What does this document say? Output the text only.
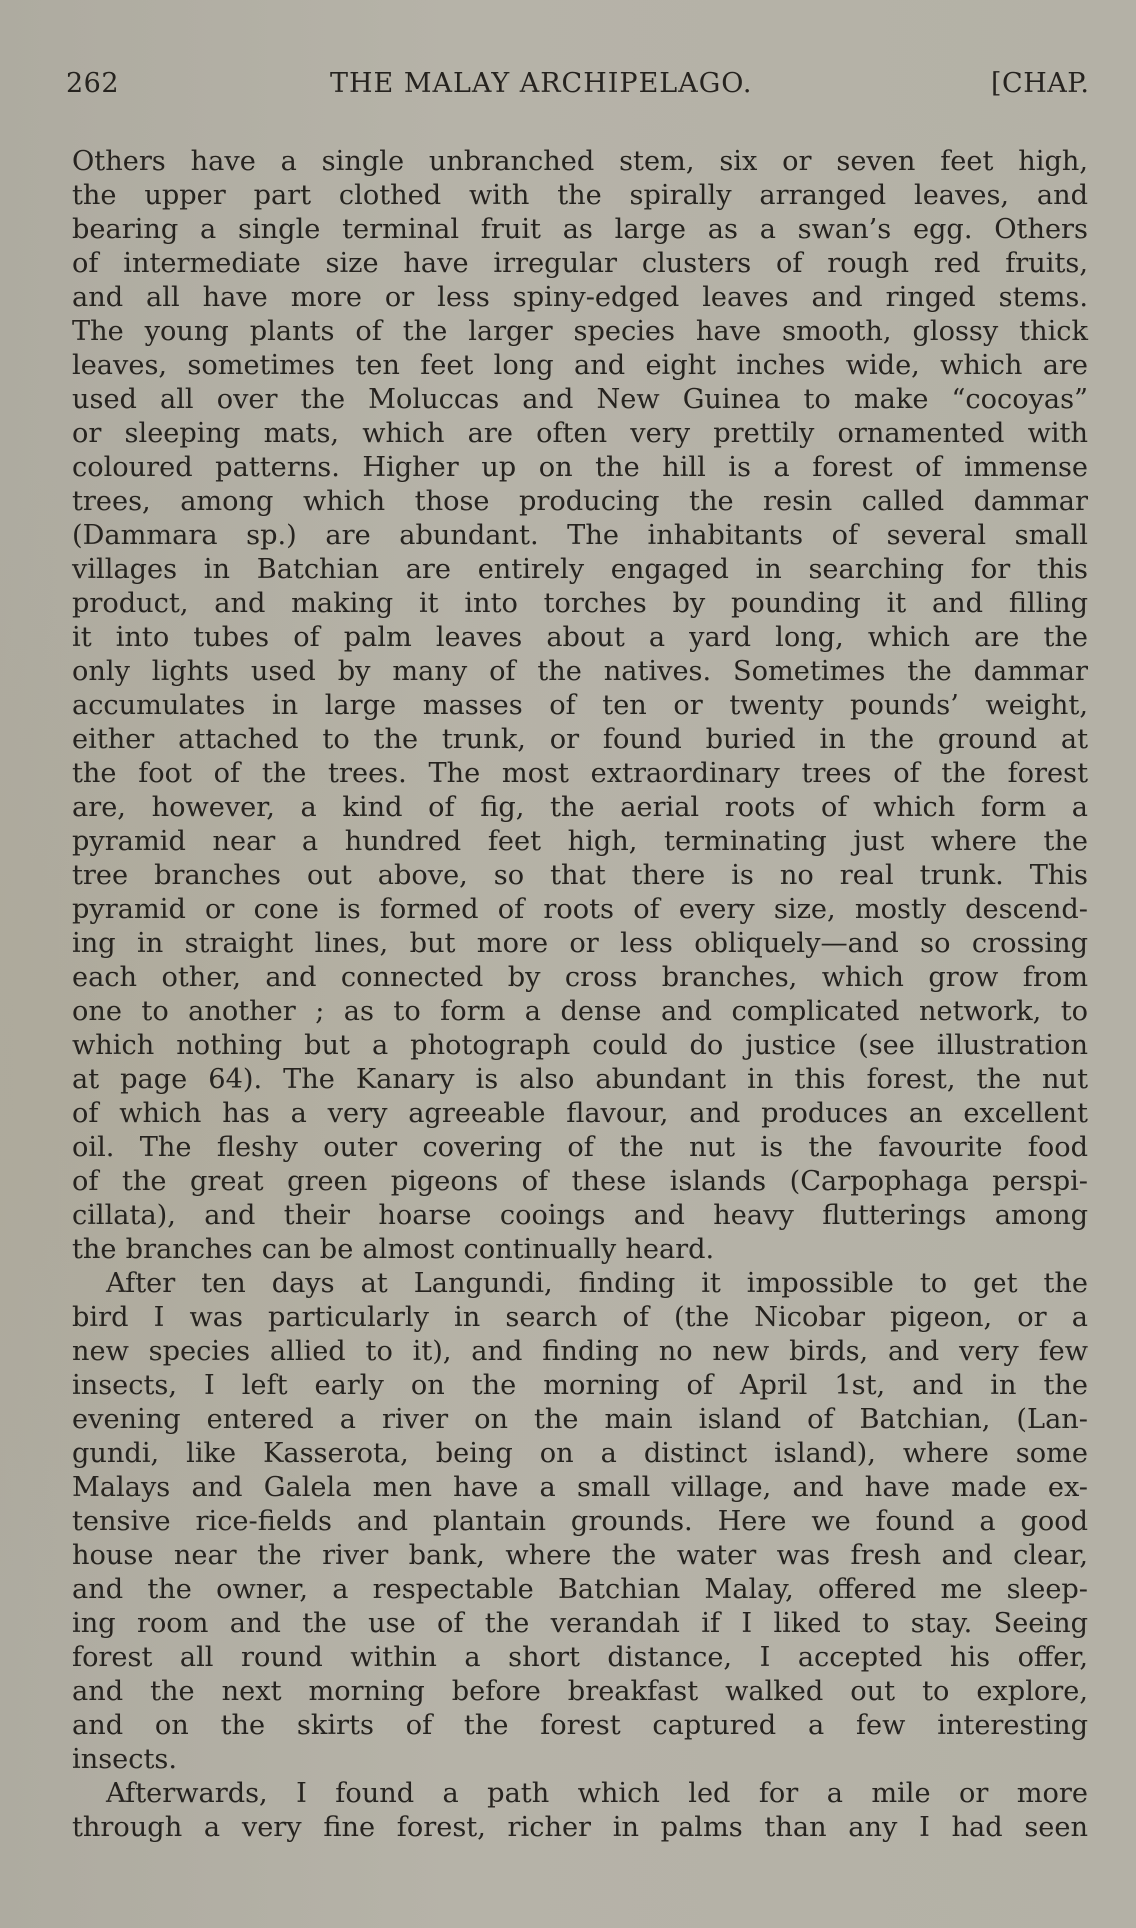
262	THE MALAY ARCHIPELAGO.	[CHAP.
Others have a single unbranched stem, six or seven feet high,
the upper part clothed with the spirally arranged leaves, and
bearing a single terminal fruit as large as a swan’s egg. Others
of intermediate size have irregular clusters of rough red fruits,
and all have more or less spiny-edged leaves and ringed stems.
The young plants of the larger species have smooth, glossy thick
leaves, sometimes ten feet long and eight inches wide, which are
used all over the Moluccas and New Guinea to make “cocoyas”
or sleeping mats, which are often very prettily ornamented with
coloured patterns. Higher up on the hill is a forest of immense
trees, among which those producing the resin called dammar
(Dammara sp.) are abundant. The inhabitants of several small
villages in Batchian are entirely engaged in searching for this
product, and making it into torches by pounding it and filling
it into tubes of palm leaves about a yard long, which are the
only lights used by many of the natives. Sometimes the dammar
accumulates in large masses of ten or twenty pounds’ weight,
either attached to the trunk, or found buried in the ground at
the foot of the trees. The most extraordinary trees of the forest
are, however, a kind of fig, the aerial roots of which form a
pyramid near a hundred feet high, terminating just where the
tree branches out above, so that there is no real trunk. This
pyramid or cone is formed of roots of every size, mostly descend-
ing in straight lines, but more or less obliquely—and so crossing
each other, and connected by cross branches, which grow from
one to another ; as to form a dense and complicated network, to
which nothing but a photograph could do justice (see illustration
at page 64). The Kanary is also abundant in this forest, the nut
of which has a very agreeable flavour, and produces an excellent
oil. The fleshy outer covering of the nut is the favourite food
of the great green pigeons of these islands (Carpophaga perspi-
cillata), and their hoarse cooings and heavy flutterings among
the branches can be almost continually heard.
After ten days at Langundi, finding it impossible to get the
bird I was particularly in search of (the Nicobar pigeon, or a
new species allied to it), and finding no new birds, and very few
insects, I left early on the morning of April 1st, and in the
evening entered a river on the main island of Batchian, (Lan-
gundi, like Kasserota, being on a distinct island), where some
Malays and Galela men have a small village, and have made ex-
tensive rice-fields and plantain grounds. Here we found a good
house near the river bank, where the water was fresh and clear,
and the owner, a respectable Batchian Malay, offered me sleep-
ing room and the use of the verandah if I liked to stay. Seeing
forest all round within a short distance, I accepted his offer,
and the next morning before breakfast walked out to explore,
and on the skirts of the forest captured a few interesting
insects.
Afterwards, I found a path which led for a mile or more
through a very fine forest, richer in palms than any I had seen
